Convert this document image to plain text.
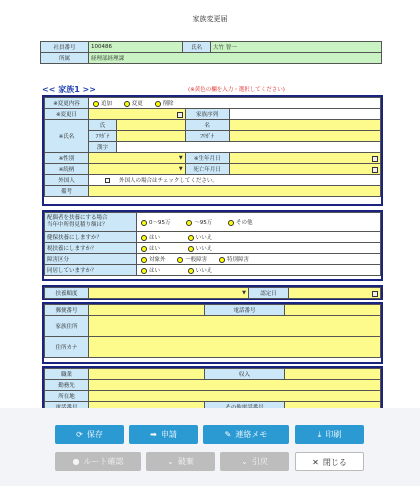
家族変更届
社員番号	100486	氏名	大竹 智一
所属	経理部経理課		
<< 家族1 >>	(※黄色の欄を入力・選択してください)
※変更内容	追加 変更 削除			
※変更日			家族序列	
※氏名	氏		名	
	ﾌﾘｶﾞﾅ		ﾌﾘｶﾞﾅ	
	漢字			
※性別	▼		※生年月日	

※続柄	▼		死亡年月日	

外国人	外国人の場合はチェックしてください。			
備考				
配偶者を扶養にする場合
当年中所得見積り額は？	0～95万 ～95万 その他
健保扶養にしますか？	はい いいえ
税扶養にしますか？	はい いいえ
障害区分	対象外 一般障害 特別障害
同居していますか？	はい いいえ
扶養順度	▼	認定日	
郵便番号		電話番号	
家族住所			
住所カナ			
職業		収入	
勤務先			
所在地			

⟳ 保存	➡ 申請	✎ 連絡メモ	⤓ 印刷
● ルート確認	⌄ 破棄	⌄ 引戻	✕ 閉じる
